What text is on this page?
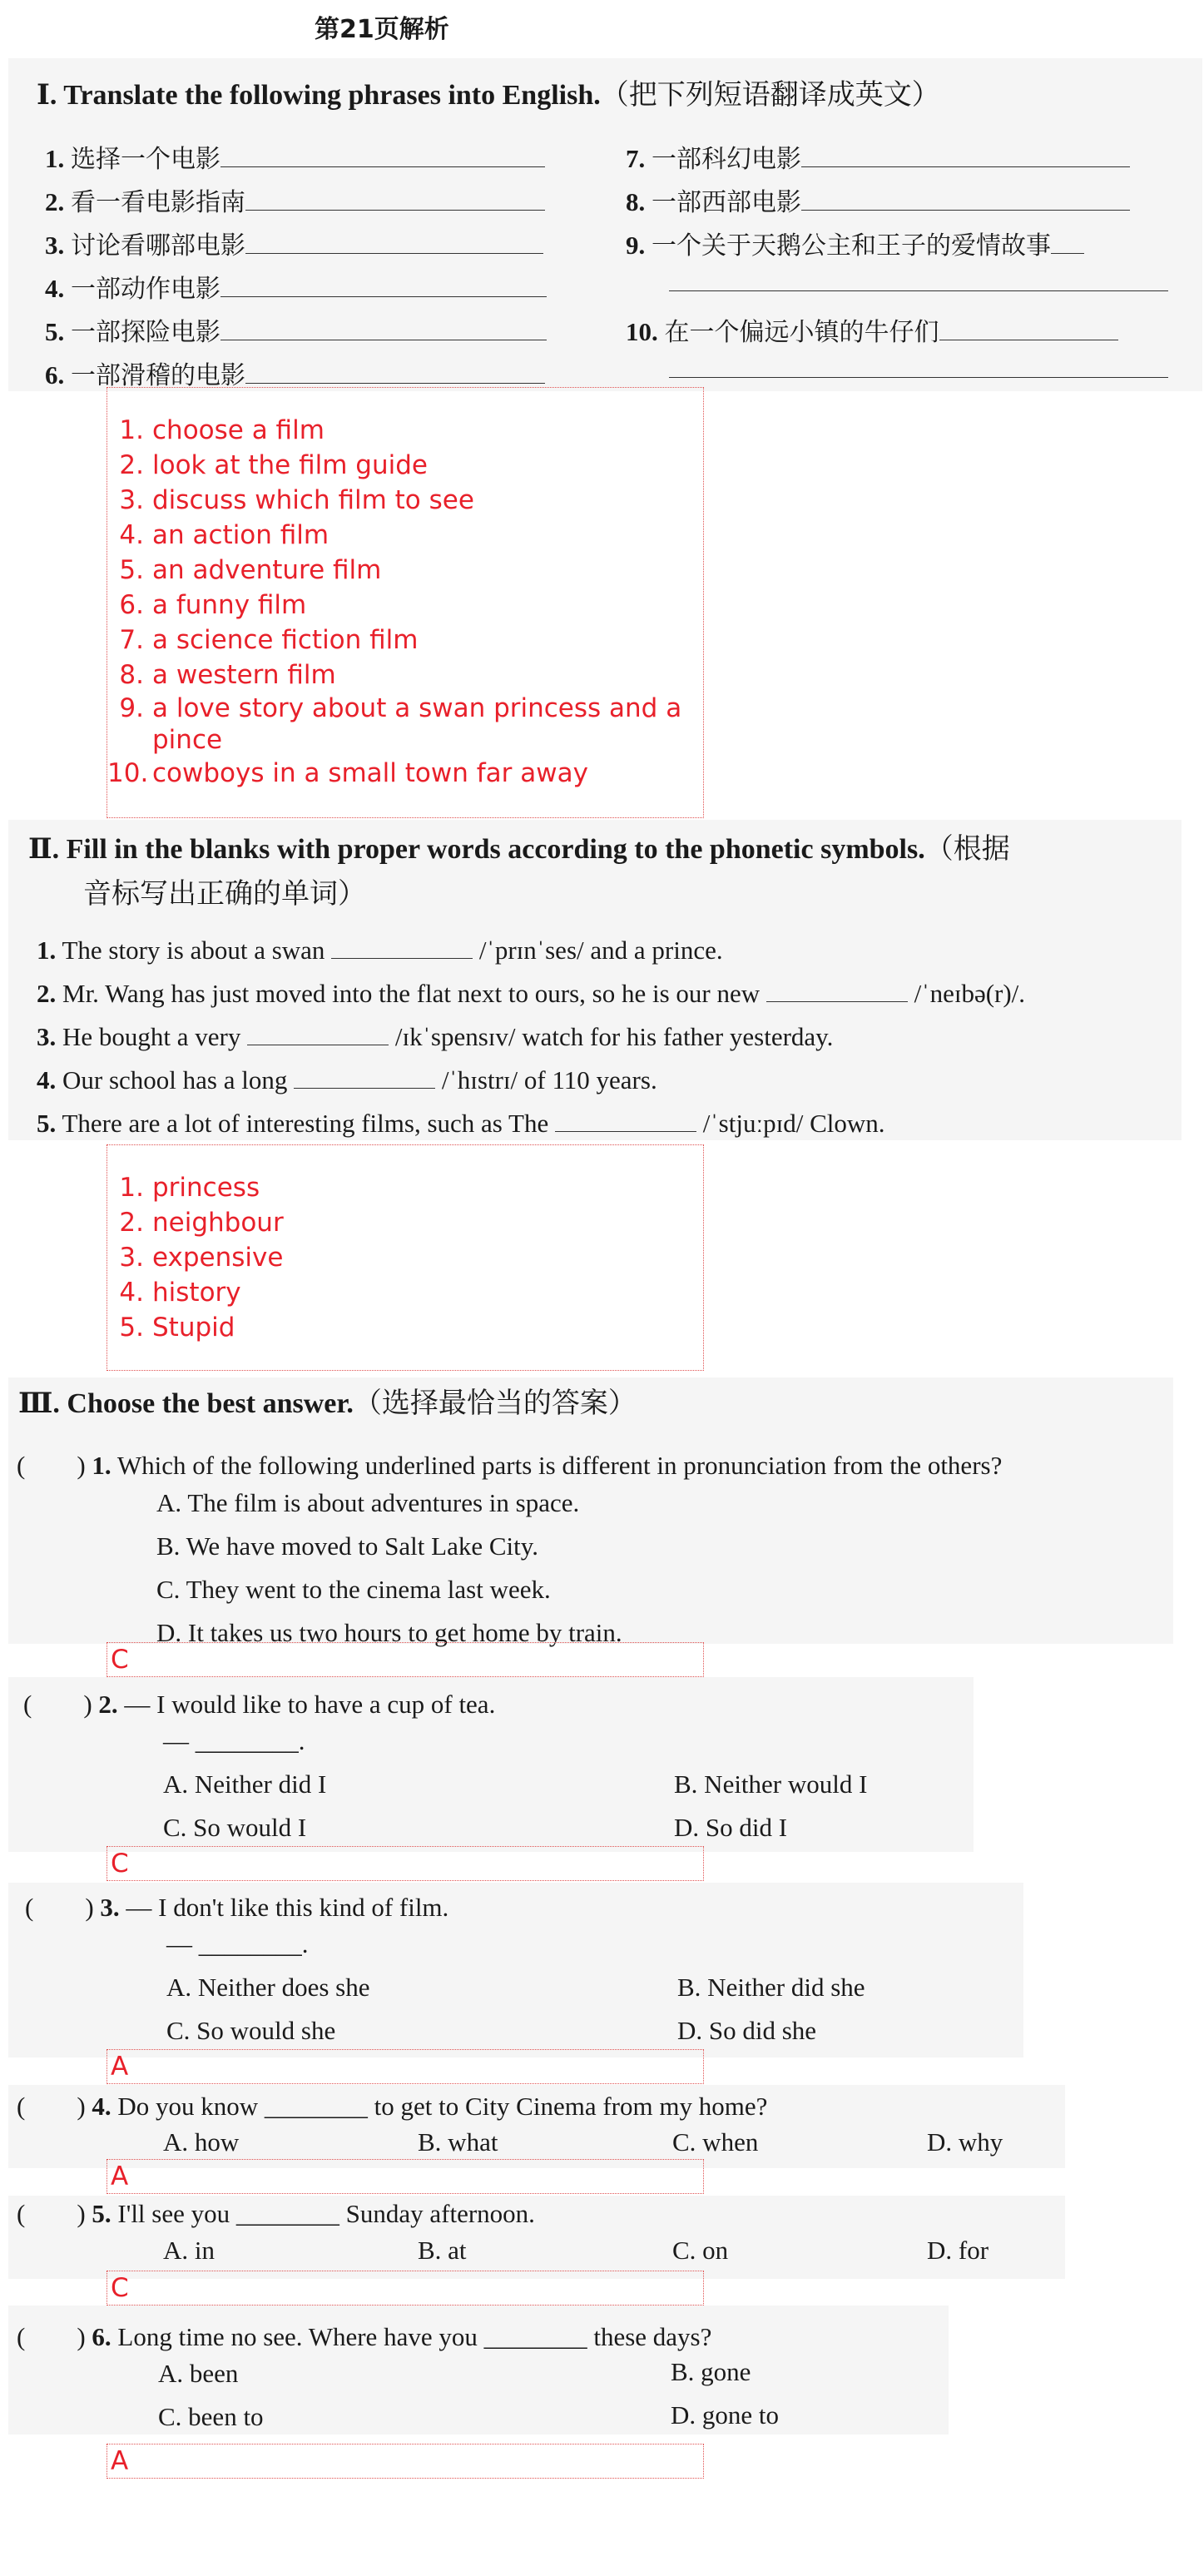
第21页解析
Ⅰ. Translate the following phrases into English.（把下列短语翻译成英文）
1. 选择一个电影
2. 看一看电影指南
3. 讨论看哪部电影
4. 一部动作电影
5. 一部探险电影
6. 一部滑稽的电影
7. 一部科幻电影
8. 一部西部电影
9. 一个关于天鹅公主和王子的爱情故事
10. 在一个偏远小镇的牛仔们
1. choose a film
2. look at the film guide
3. discuss which film to see
4. an action film
5. an adventure film
6. a funny film
7. a science fiction film
8. a western film
9. a love story about a swan princess and a pince
10. cowboys in a small town far away
Ⅱ. Fill in the blanks with proper words according to the phonetic symbols.（根据
音标写出正确的单词）
1. The story is about a swan	/ˈprɪnˈses/ and a prince.
2. Mr. Wang has just moved into the flat next to ours, so he is our new	/ˈneɪbə(r)/.
3. He bought a very	/ɪkˈspensɪv/ watch for his father yesterday.
4. Our school has a long	/ˈhɪstrɪ/ of 110 years.
5. There are a lot of interesting films, such as The	/ˈstjuːpɪd/ Clown.
1. princess
2. neighbour
3. expensive
4. history
5. Stupid
Ⅲ. Choose the best answer.（选择最恰当的答案）
(　　) 1. Which of the following underlined parts is different in pronunciation from the others?
A. The film is about adventures in space.
B. We have moved to Salt Lake City.
C. They went to the cinema last week.
D. It takes us two hours to get home by train.
C
(　　) 2. — I would like to have a cup of tea.
— ________.
A. Neither did I	B. Neither would I
C. So would I	D. So did I
C
(　　) 3. — I don't like this kind of film.
— ________.
A. Neither does she	B. Neither did she
C. So would she	D. So did she
A
(　　) 4. Do you know ________ to get to City Cinema from my home?
A. how	B. what	C. when	D. why
A
(　　) 5. I'll see you ________ Sunday afternoon.
A. in	B. at	C. on	D. for
C
(　　) 6. Long time no see. Where have you ________ these days?
A. been	B. gone
C. been to	D. gone to
A
